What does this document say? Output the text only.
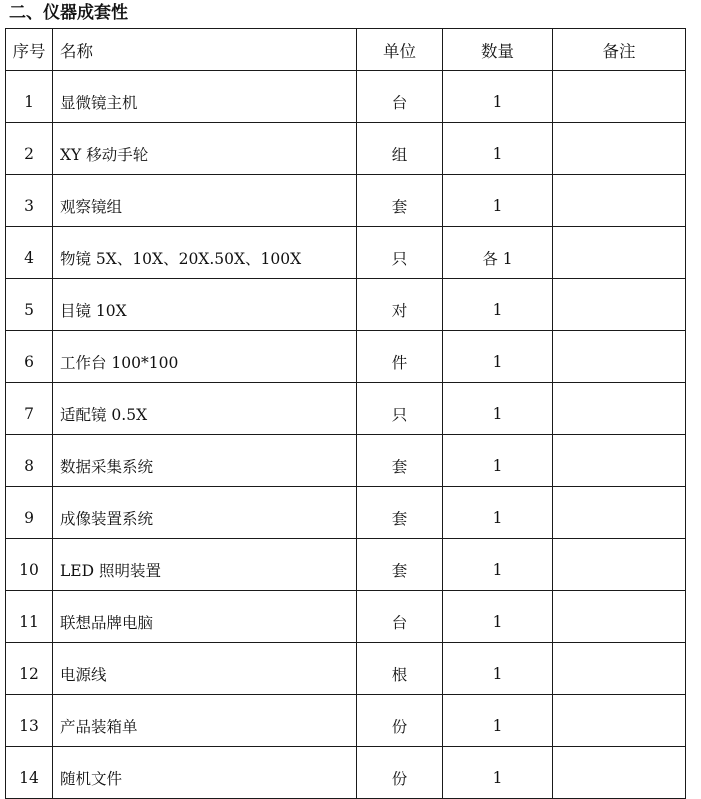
二、仪器成套性
序号	名称	单位	数量	备注
1	显微镜主机	台	1	
2	XY 移动手轮	组	1	
3	观察镜组	套	1	
4	物镜 5X、10X、20X.50X、100X	只	各 1	
5	目镜 10X	对	1	
6	工作台 100*100	件	1	
7	适配镜 0.5X	只	1	
8	数据采集系统	套	1	
9	成像装置系统	套	1	
10	LED 照明装置	套	1	
11	联想品牌电脑	台	1	
12	电源线	根	1	
13	产品装箱单	份	1	
14	随机文件	份	1	
